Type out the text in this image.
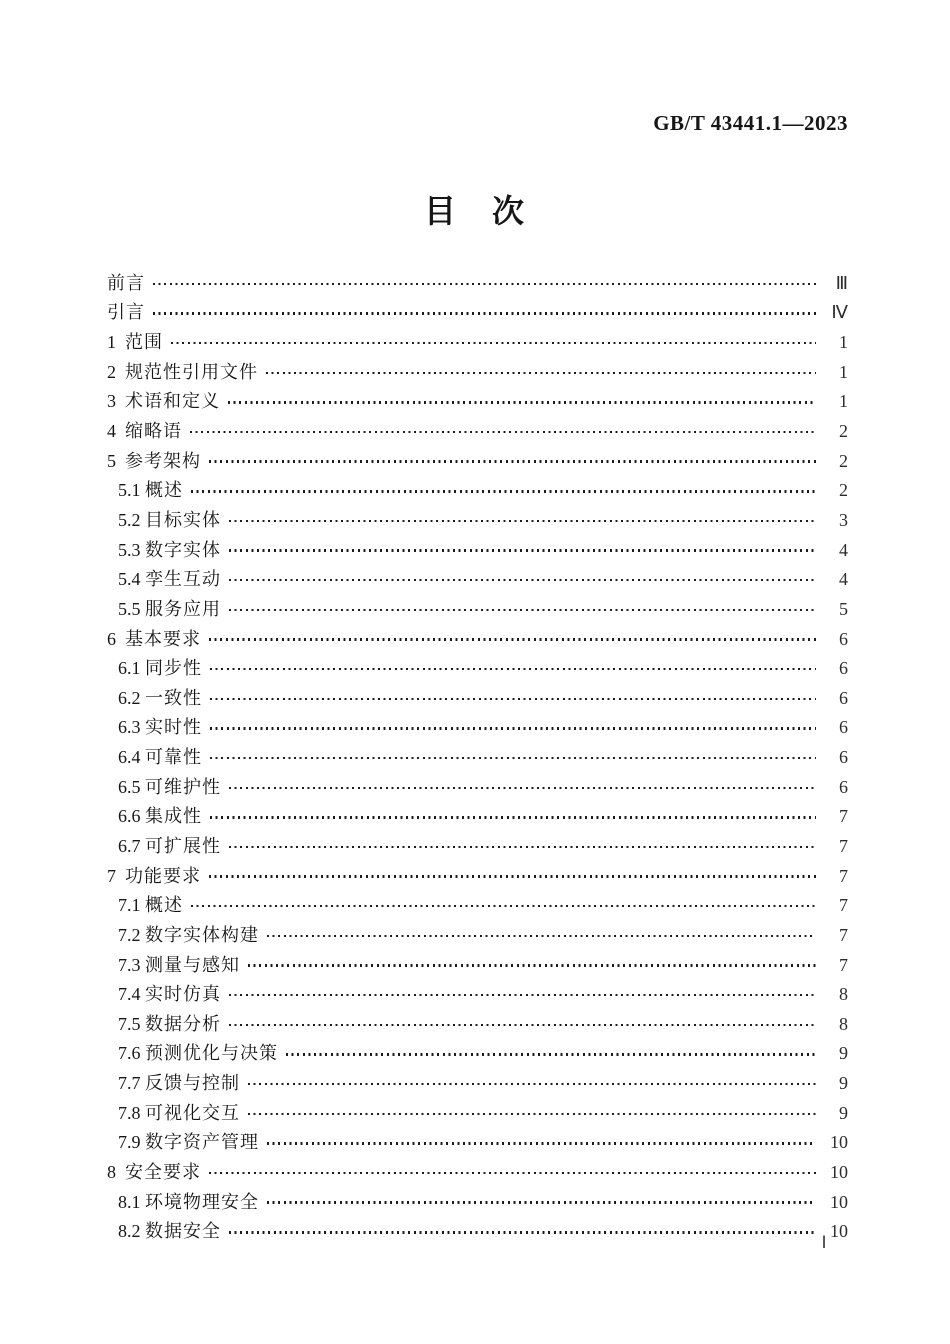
GB/T 43441.1—2023
目　次
前言	Ⅲ
引言	Ⅳ
1 范围	1
2 规范性引用文件	1
3 术语和定义	1
4 缩略语	2
5 参考架构	2
5.1 概述	2
5.2 目标实体	3
5.3 数字实体	4
5.4 孪生互动	4
5.5 服务应用	5
6 基本要求	6
6.1 同步性	6
6.2 一致性	6
6.3 实时性	6
6.4 可靠性	6
6.5 可维护性	6
6.6 集成性	7
6.7 可扩展性	7
7 功能要求	7
7.1 概述	7
7.2 数字实体构建	7
7.3 测量与感知	7
7.4 实时仿真	8
7.5 数据分析	8
7.6 预测优化与决策	9
7.7 反馈与控制	9
7.8 可视化交互	9
7.9 数字资产管理	10
8 安全要求	10
8.1 环境物理安全	10
8.2 数据安全	10
Ⅰ
